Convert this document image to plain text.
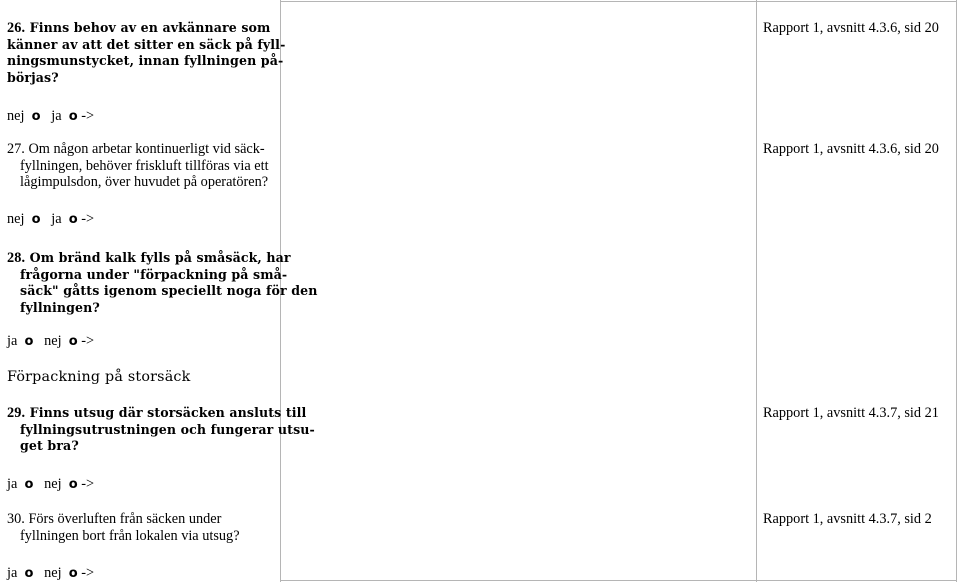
26. Finns behov av en avkännare som
känner av att det sitter en säck på fyll-
ningsmunstycket, innan fyllningen på-
börjas?
nej o ja o ->
Rapport 1, avsnitt 4.3.6, sid 20
27. Om någon arbetar kontinuerligt vid säck-
fyllningen, behöver friskluft tillföras via ett
lågimpulsdon, över huvudet på operatören?
nej o ja o ->
Rapport 1, avsnitt 4.3.6, sid 20
28. Om bränd kalk fylls på småsäck, har
frågorna under "förpackning på små-
säck" gåtts igenom speciellt noga för den
fyllningen?
ja o nej o ->
Förpackning på storsäck
29. Finns utsug där storsäcken ansluts till
fyllningsutrustningen och fungerar utsu-
get bra?
ja o nej o ->
Rapport 1, avsnitt 4.3.7, sid 21
30. Förs överluften från säcken under
fyllningen bort från lokalen via utsug?
ja o nej o ->
Rapport 1, avsnitt 4.3.7, sid 2
